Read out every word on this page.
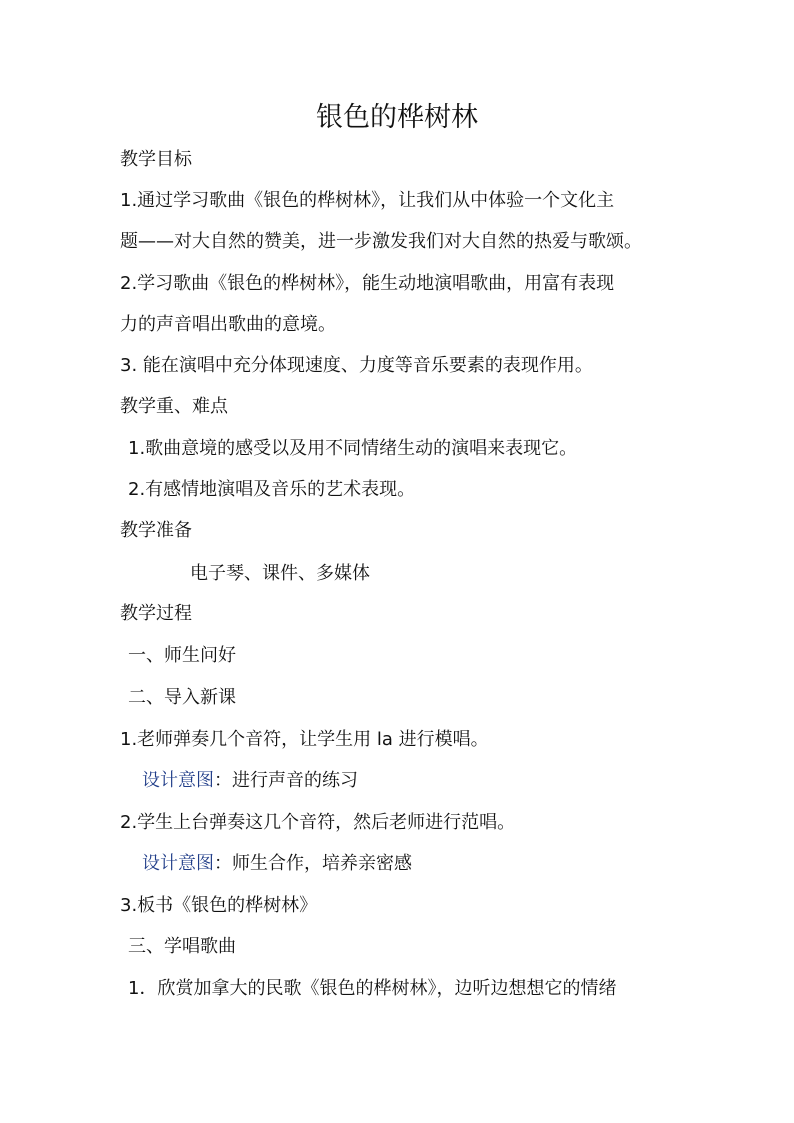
银色的桦树林
教学目标
1.通过学习歌曲《银色的桦树林》，让我们从中体验一个文化主
题——对大自然的赞美，进一步激发我们对大自然的热爱与歌颂。
2.学习歌曲《银色的桦树林》，能生动地演唱歌曲，用富有表现
力的声音唱出歌曲的意境。
3. 能在演唱中充分体现速度、力度等音乐要素的表现作用。
教学重、难点
1.歌曲意境的感受以及用不同情绪生动的演唱来表现它。
2.有感情地演唱及音乐的艺术表现。
教学准备
电子琴、课件、多媒体
教学过程
一、师生问好
二、导入新课
1.老师弹奏几个音符，让学生用 la 进行模唱。
设计意图：进行声音的练习
2.学生上台弹奏这几个音符，然后老师进行范唱。
设计意图：师生合作，培养亲密感
3.板书《银色的桦树林》
三、学唱歌曲
1．欣赏加拿大的民歌《银色的桦树林》，边听边想想它的情绪
